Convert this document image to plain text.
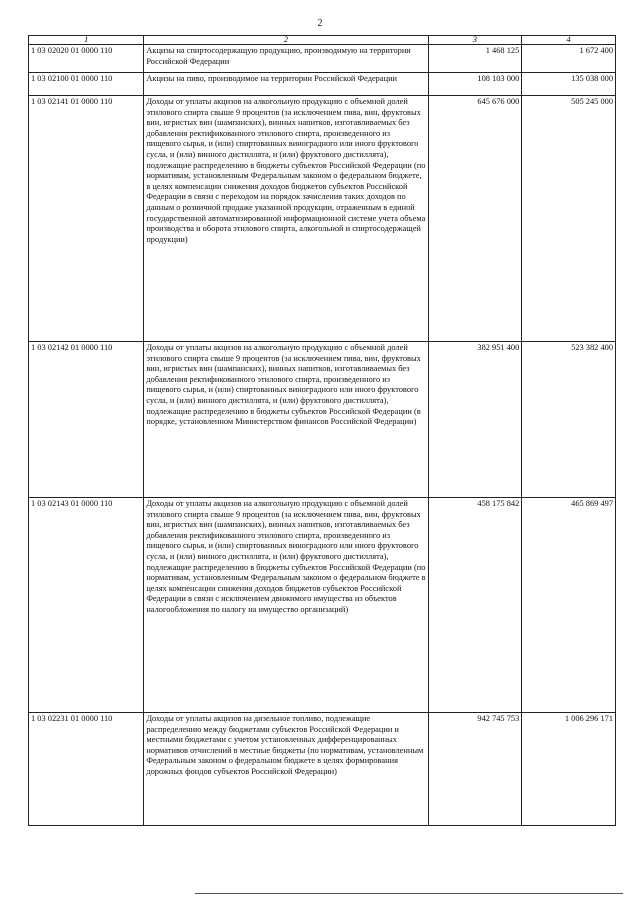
2
1	2	3	4
1 03 02020 01 0000 110	Акцизы на спиртосодержащую продукцию, производимую на территории Российской Федерации	1 468 125	1 672 400
1 03 02100 01 0000 110	Акцизы на пиво, производимое на территории Российской Федерации	108 103 000	135 038 000
1 03 02141 01 0000 110	Доходы от уплаты акцизов на алкогольную продукцию с объемной долей этилового спирта свыше 9 процентов (за исключением пива, вин, фруктовых вин, игристых вин (шампанских), винных напитков, изготавливаемых без добавления ректификованного этилового спирта, произведенного из пищевого сырья, и (или) спиртованных виноградного или иного фруктового сусла, и (или) винного дистиллята, и (или) фруктового дистиллята), подлежащие распределению в бюджеты субъектов Российской Федерации (по нормативам, установленным Федеральным законом о федеральном бюджете, в целях компенсации снижения доходов бюджетов субъектов Российской Федерации в связи с переходом на порядок зачисления таких доходов по данным о розничной продаже указанной продукции, отраженным в единой государственной автоматизированной информационной системе учета объема производства и оборота этилового спирта, алкогольной и спиртосодержащей продукции)	645 676 000	505 245 000
1 03 02142 01 0000 110	Доходы от уплаты акцизов на алкогольную продукцию с объемной долей этилового спирта свыше 9 процентов (за исключением пива, вин, фруктовых вин, игристых вин (шампанских), винных напитков, изготавливаемых без добавления ректификованного этилового спирта, произведенного из пищевого сырья, и (или) спиртованных виноградного или иного фруктового сусла, и (или) винного дистиллята, и (или) фруктового дистиллята), подлежащие распределению в бюджеты субъектов Российской Федерации (в порядке, установленном Министерством финансов Российской Федерации)	382 951 400	523 382 400
1 03 02143 01 0000 110	Доходы от уплаты акцизов на алкогольную продукцию с объемной долей этилового спирта свыше 9 процентов (за исключением пива, вин, фруктовых вин, игристых вин (шампанских), винных напитков, изготавливаемых без добавления ректификованного этилового спирта, произведенного из пищевого сырья, и (или) спиртованных виноградного или иного фруктового сусла, и (или) винного дистиллята, и (или) фруктового дистиллята), подлежащие распределению в бюджеты субъектов Российской Федерации (по нормативам, установленным Федеральным законом о федеральном бюджете в целях компенсации снижения доходов бюджетов субъектов Российской Федерации в связи с исключением движимого имущества из объектов налогообложения по налогу на имущество организаций)	458 175 842	465 869 497
1 03 02231 01 0000 110	Доходы от уплаты акцизов на дизельное топливо, подлежащие распределению между бюджетами субъектов Российской Федерации и местными бюджетами с учетом установленных дифференцированных нормативов отчислений в местные бюджеты (по нормативам, установленным Федеральным законом о федеральном бюджете в целях формирования дорожных фондов субъектов Российской Федерации)	942 745 753	1 006 296 171
